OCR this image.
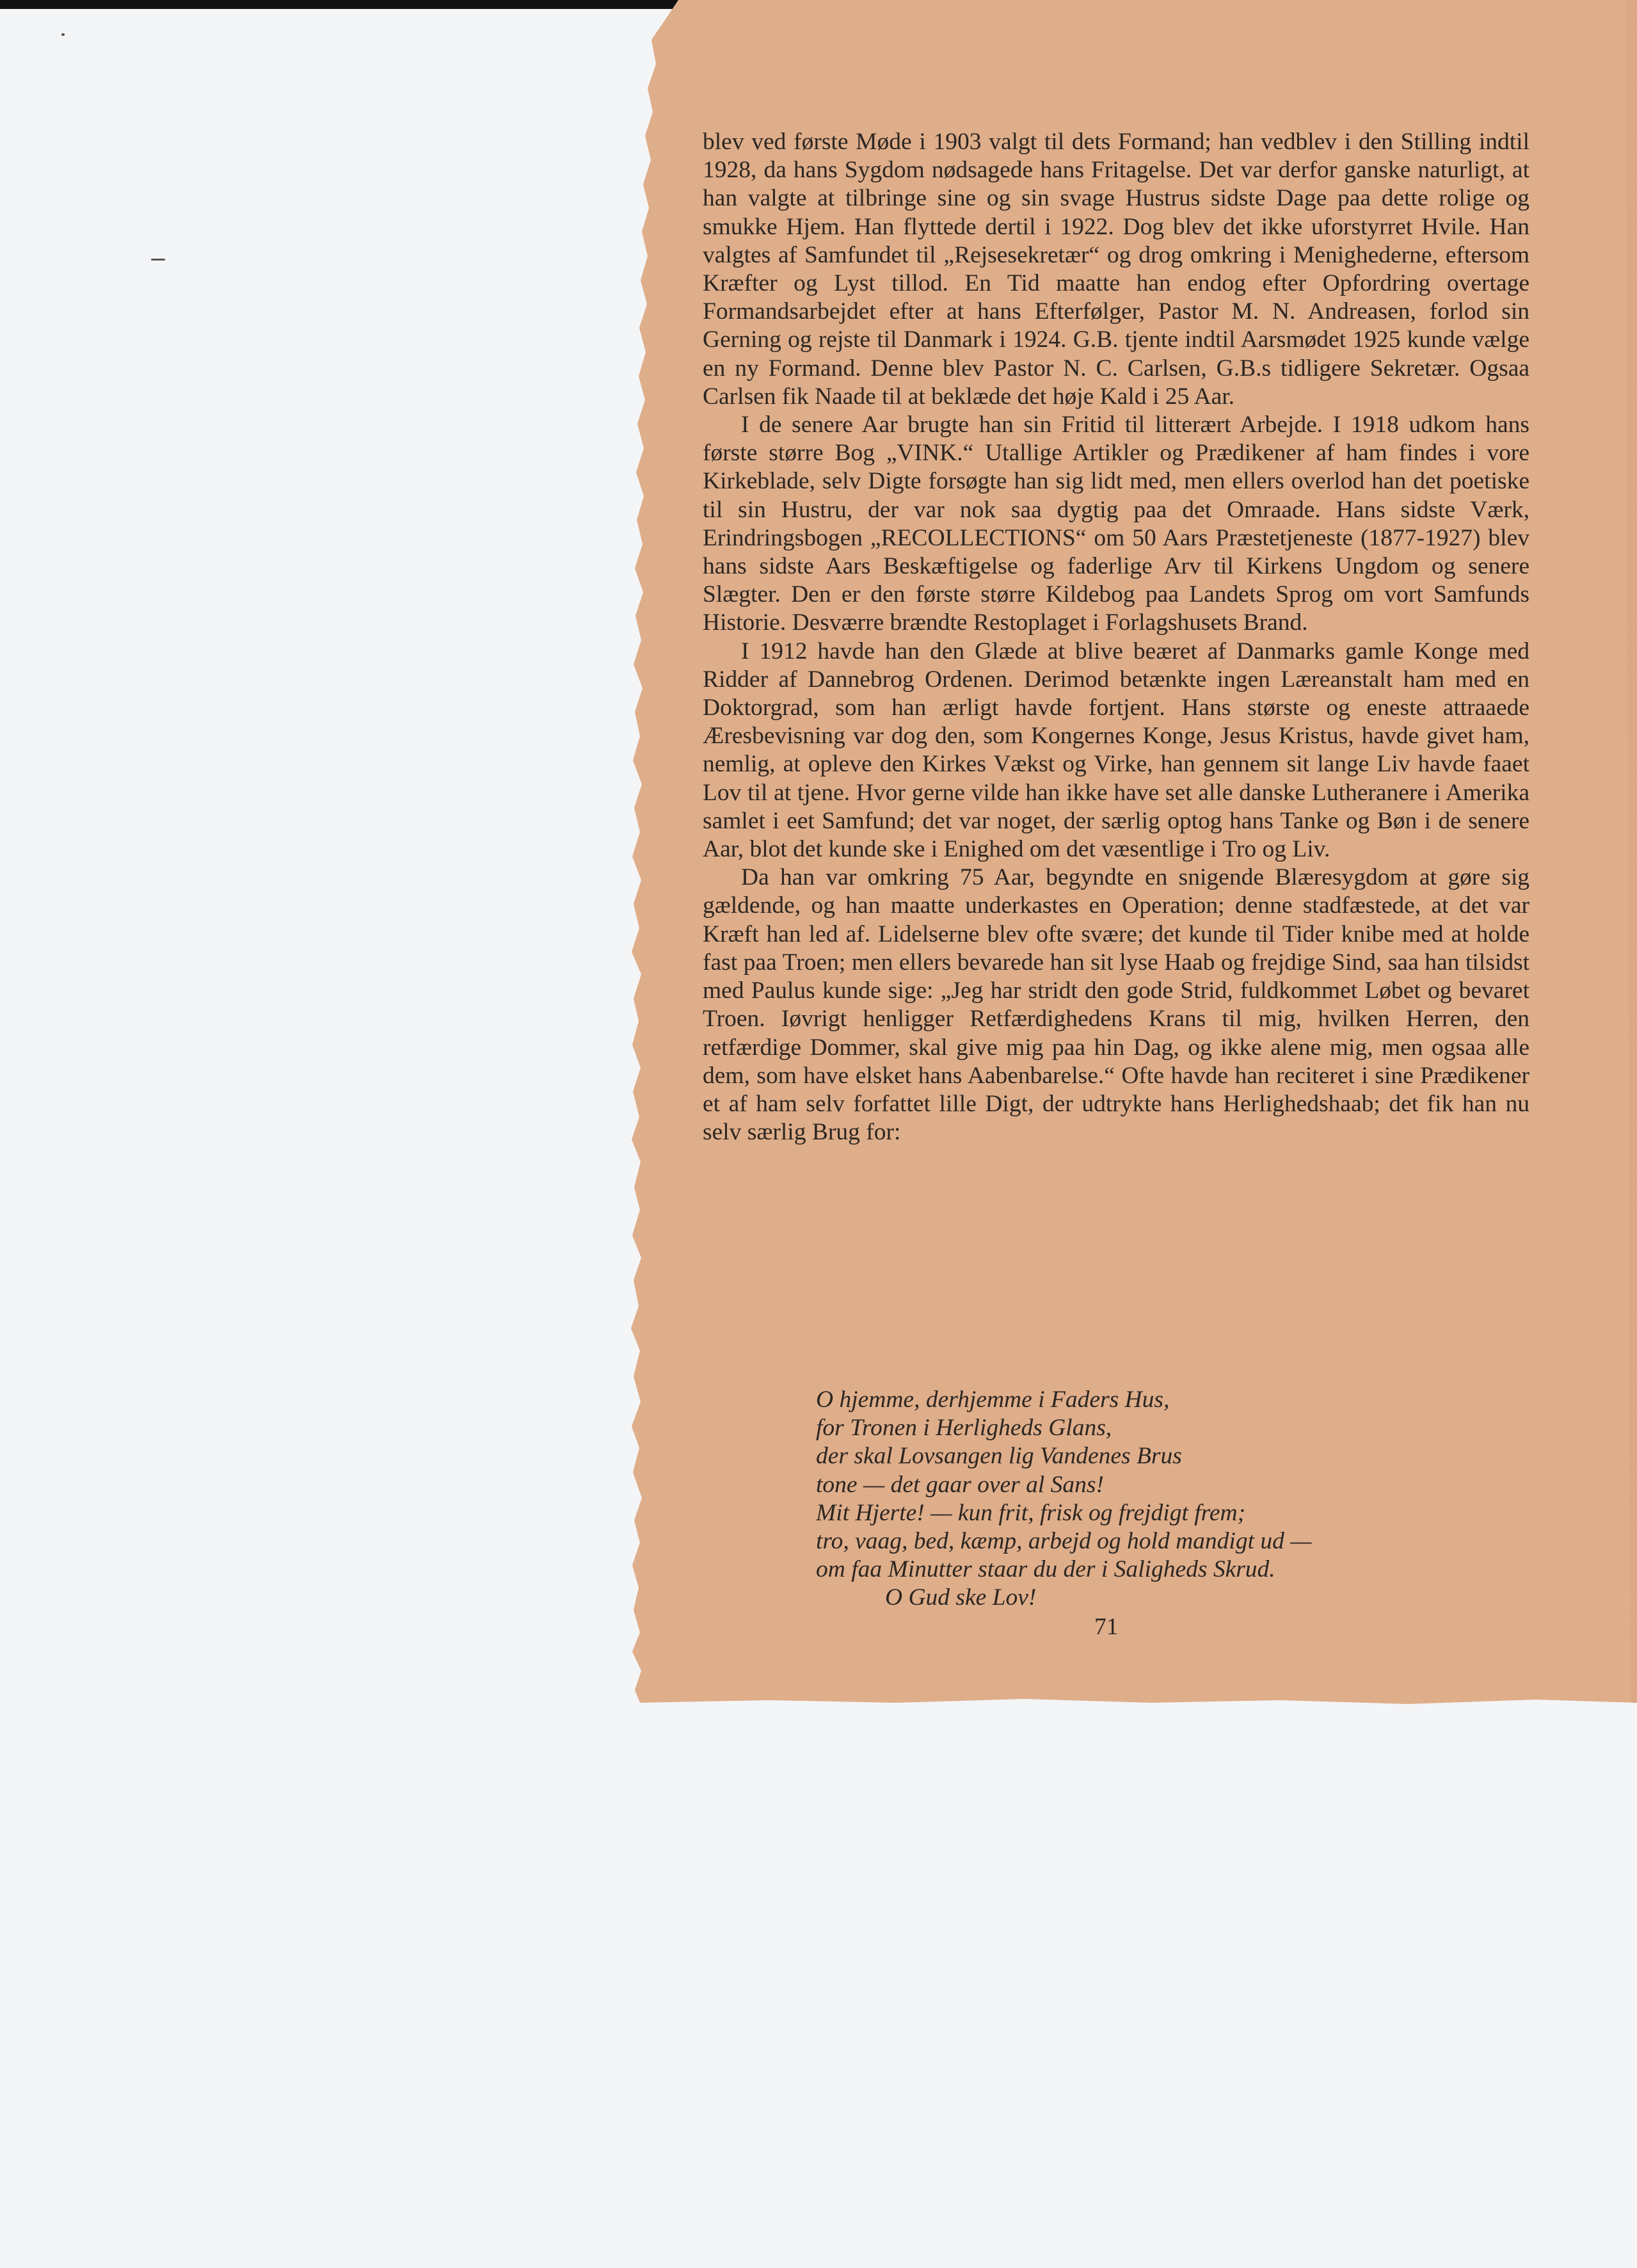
blev ved første Møde i 1903 valgt til dets Formand; han vedblev i den Stilling indtil 1928, da hans Sygdom nødsagede hans Fritagelse. Det var derfor ganske naturligt, at han valgte at tilbringe sine og sin svage Hustrus sidste Dage paa dette rolige og smukke Hjem. Han flyttede dertil i 1922. Dog blev det ikke uforstyrret Hvile. Han valgtes af Samfundet til „Rejsesekretær“ og drog omkring i Menighederne, eftersom Kræfter og Lyst tillod. En Tid maatte han endog efter Opfordring overtage Formandsarbejdet efter at hans Efterfølger, Pastor M. N. Andreasen, forlod sin Gerning og rejste til Danmark i 1924. G.B. tjente indtil Aarsmødet 1925 kunde vælge en ny Formand. Denne blev Pastor N. C. Carlsen, G.B.s tidligere Sekretær. Ogsaa Carlsen fik Naade til at beklæde det høje Kald i 25 Aar.

I de senere Aar brugte han sin Fritid til litterært Arbejde. I 1918 udkom hans første større Bog „VINK.“ Utallige Artikler og Prædikener af ham findes i vore Kirkeblade, selv Digte forsøgte han sig lidt med, men ellers overlod han det poetiske til sin Hustru, der var nok saa dygtig paa det Omraade. Hans sidste Værk, Erindringsbogen „RECOLLECTIONS“ om 50 Aars Præstetjeneste (1877-1927) blev hans sidste Aars Beskæftigelse og faderlige Arv til Kirkens Ungdom og senere Slægter. Den er den første større Kildebog paa Landets Sprog om vort Samfunds Historie. Desværre brændte Restoplaget i Forlagshusets Brand.

I 1912 havde han den Glæde at blive beæret af Danmarks gamle Konge med Ridder af Dannebrog Ordenen. Derimod betænkte ingen Læreanstalt ham med en Doktorgrad, som han ærligt havde fortjent. Hans største og eneste attraaede Æresbevisning var dog den, som Kongernes Konge, Jesus Kristus, havde givet ham, nemlig, at opleve den Kirkes Vækst og Virke, han gennem sit lange Liv havde faaet Lov til at tjene. Hvor gerne vilde han ikke have set alle danske Lutheranere i Amerika samlet i eet Samfund; det var noget, der særlig optog hans Tanke og Bøn i de senere Aar, blot det kunde ske i Enighed om det væsentlige i Tro og Liv.

Da han var omkring 75 Aar, begyndte en snigende Blæresygdom at gøre sig gældende, og han maatte underkastes en Operation; denne stadfæstede, at det var Kræft han led af. Lidelserne blev ofte svære; det kunde til Tider knibe med at holde fast paa Troen; men ellers bevarede han sit lyse Haab og frejdige Sind, saa han tilsidst med Paulus kunde sige: „Jeg har stridt den gode Strid, fuldkommet Løbet og bevaret Troen. Iøvrigt henligger Retfærdighedens Krans til mig, hvilken Herren, den retfærdige Dommer, skal give mig paa hin Dag, og ikke alene mig, men ogsaa alle dem, som have elsket hans Aabenbarelse.“ Ofte havde han reciteret i sine Prædikener et af ham selv forfattet lille Digt, der udtrykte hans Herlighedshaab; det fik han nu selv særlig Brug for:

O hjemme, derhjemme i Faders Hus,
for Tronen i Herligheds Glans,
der skal Lovsangen lig Vandenes Brus
tone — det gaar over al Sans!
Mit Hjerte! — kun frit, frisk og frejdigt frem;
tro, vaag, bed, kæmp, arbejd og hold mandigt ud —
om faa Minutter staar du der i Saligheds Skrud.
O Gud ske Lov!
71
